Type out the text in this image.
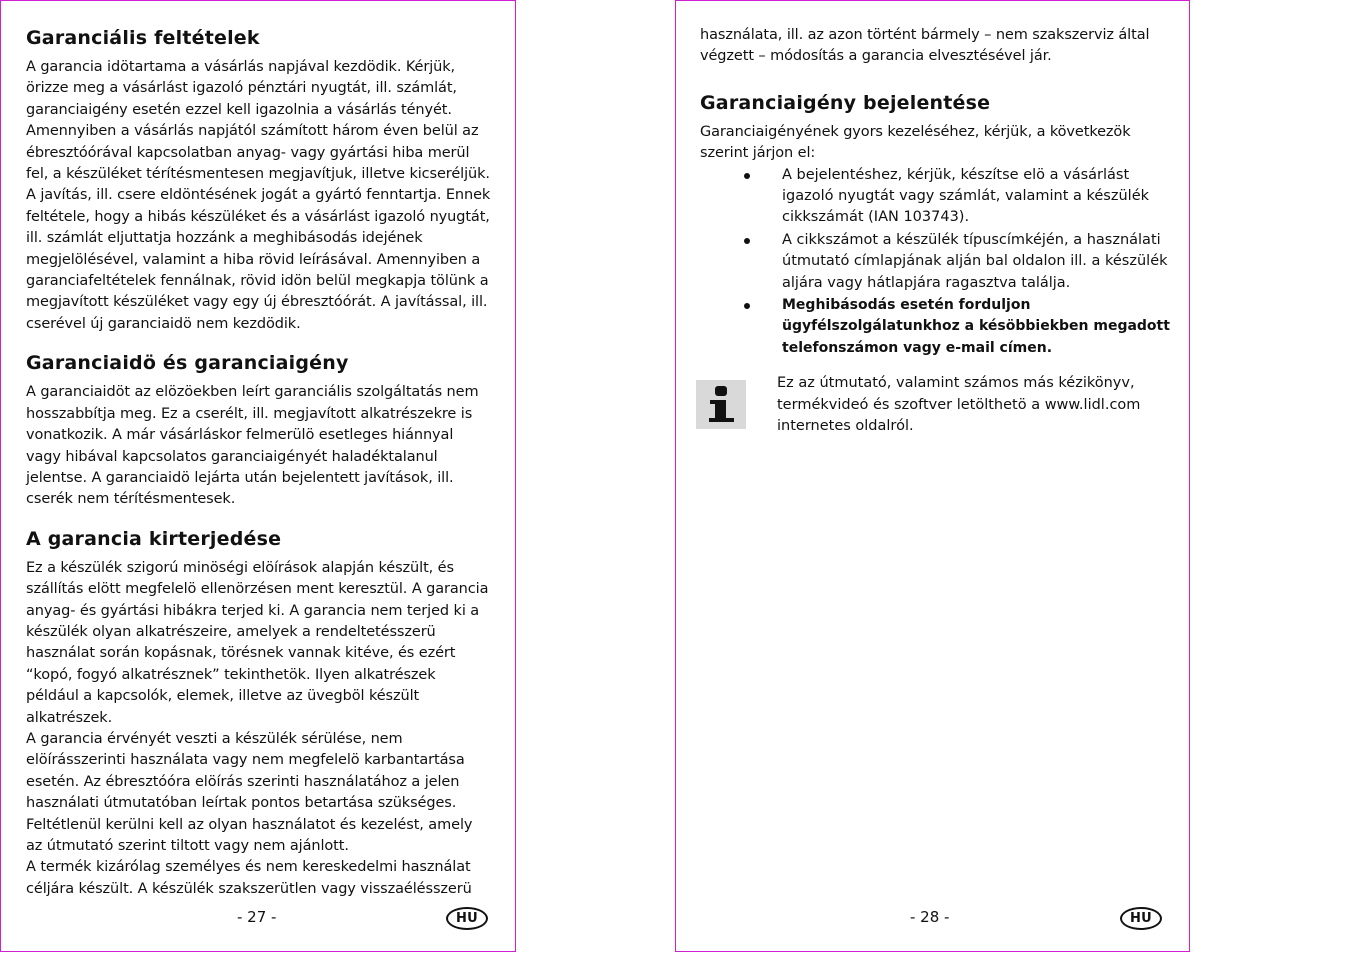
Garanciális feltételek

A garancia idötartama a vásárlás napjával kezdödik. Kérjük, örizze meg a vásárlást igazoló pénztári nyugtát, ill. számlát, garanciaigény esetén ezzel kell igazolnia a vásárlás tényét. Amennyiben a vásárlás napjától számított három éven belül az ébresztóórával kapcsolatban anyag- vagy gyártási hiba merül fel, a készüléket térítésmentesen megjavítjuk, illetve kicseréljük. A javítás, ill. csere eldöntésének jogát a gyártó fenntartja. Ennek feltétele, hogy a hibás készüléket és a vásárlást igazoló nyugtát, ill. számlát eljuttatja hozzánk a meghibásodás idejének megjelölésével, valamint a hiba rövid leírásával. Amennyiben a garanciafeltételek fennálnak, rövid idön belül megkapja tölünk a megjavított készüléket vagy egy új ébresztóórát. A javítással, ill. cserével új garanciaidö nem kezdödik.

Garanciaidö és garanciaigény

A garanciaidöt az elözöekben leírt garanciális szolgáltatás nem hosszabbítja meg. Ez a cserélt, ill. megjavított alkatrészekre is vonatkozik. A már vásárláskor felmerülö esetleges hiánnyal vagy hibával kapcsolatos garanciaigényét haladéktalanul jelentse. A garanciaidö lejárta után bejelentett javítások, ill. cserék nem térítésmentesek.

A garancia kirterjedése

Ez a készülék szigorú minöségi elöírások alapján készült, és szállítás elött megfelelö ellenörzésen ment keresztül. A garancia anyag- és gyártási hibákra terjed ki. A garancia nem terjed ki a készülék olyan alkatrészeire, amelyek a rendeltetésszerü használat során kopásnak, törésnek vannak kitéve, és ezért “kopó, fogyó alkatrésznek” tekinthetök. Ilyen alkatrészek például a kapcsolók, elemek, illetve az üvegböl készült alkatrészek.

A garancia érvényét veszti a készülék sérülése, nem elöírásszerinti használata vagy nem megfelelö karbantartása esetén. Az ébresztóóra elöírás szerinti használatához a jelen használati útmutatóban leírtak pontos betartása szükséges. Feltétlenül kerülni kell az olyan használatot és kezelést, amely az útmutató szerint tiltott vagy nem ajánlott.

A termék kizárólag személyes és nem kereskedelmi használat céljára készült. A készülék szakszerütlen vagy visszaélésszerü

- 27 -	HU

használata, ill. az azon történt bármely – nem szakszerviz által végzett – módosítás a garancia elvesztésével jár.

Garanciaigény bejelentése

Garanciaigényének gyors kezeléséhez, kérjük, a következök szerint járjon el:

A bejelentéshez, kérjük, készítse elö a vásárlást igazoló nyugtát vagy számlát, valamint a készülék cikkszámát (IAN 103743).
A cikkszámot a készülék típuscímkéjén, a használati útmutató címlapjának alján bal oldalon ill. a készülék aljára vagy hátlapjára ragasztva találja.
Meghibásodás esetén forduljon ügyfélszolgálatunkhoz a késöbbiekben megadott telefonszámon vagy e-mail címen.
Ez az útmutató, valamint számos más kézikönyv, termékvideó és szoftver letölthetö a www.lidl.com internetes oldalról.
- 28 -	HU
